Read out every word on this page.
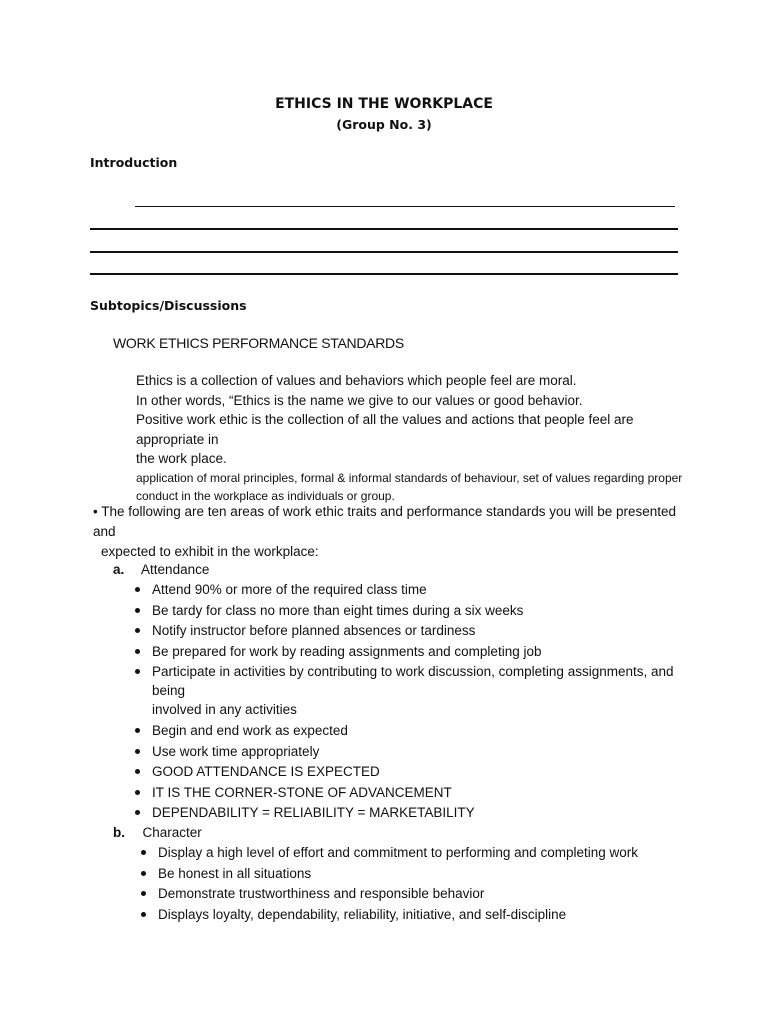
ETHICS IN THE WORKPLACE
(Group No. 3)
Introduction
Subtopics/Discussions
WORK ETHICS PERFORMANCE STANDARDS
Ethics is a collection of values and behaviors which people feel are moral.
In other words, “Ethics is the name we give to our values or good behavior.
Positive work ethic is the collection of all the values and actions that people feel are appropriate in
the work place.
application of moral principles, formal & informal standards of behaviour, set of values regarding proper
conduct in the workplace as individuals or group.
• The following are ten areas of work ethic traits and performance standards you will be presented and
expected to exhibit in the workplace:
a. Attendance
Attend 90% or more of the required class time
Be tardy for class no more than eight times during a six weeks
Notify instructor before planned absences or tardiness
Be prepared for work by reading assignments and completing job
Participate in activities by contributing to work discussion, completing assignments, and being
involved in any activities
Begin and end work as expected
Use work time appropriately
GOOD ATTENDANCE IS EXPECTED
IT IS THE CORNER-STONE OF ADVANCEMENT
DEPENDABILITY = RELIABILITY = MARKETABILITY
b. Character
Display a high level of effort and commitment to performing and completing work
Be honest in all situations
Demonstrate trustworthiness and responsible behavior
Displays loyalty, dependability, reliability, initiative, and self-discipline
